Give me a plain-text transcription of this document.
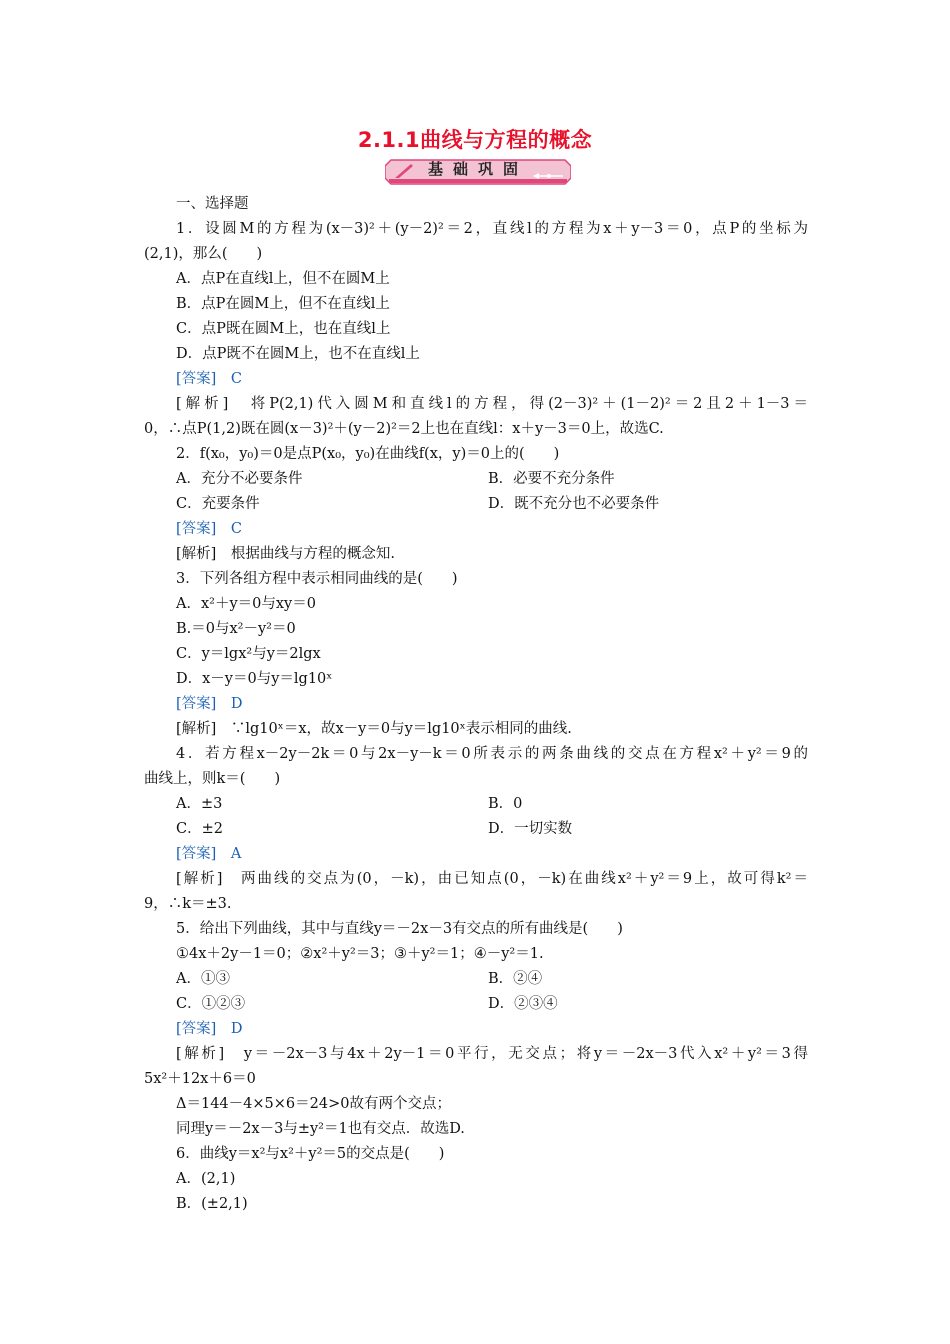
2.1.1曲线与方程的概念
基础巩固
一、选择题
1．设圆M的方程为(x－3)²＋(y－2)²＝2，直线l的方程为x＋y－3＝0，点P的坐标为
(2,1)，那么(　　)
A．点P在直线l上，但不在圆M上
B．点P在圆M上，但不在直线l上
C．点P既在圆M上，也在直线l上
D．点P既不在圆M上，也不在直线l上
[答案]　C
[解析]　将P(2,1)代入圆M和直线l的方程，得(2－3)²＋(1－2)²＝2且2＋1－3＝
0，∴点P(1,2)既在圆(x－3)²＋(y－2)²＝2上也在直线l：x＋y－3＝0上，故选C.
2．f(x₀，y₀)＝0是点P(x₀，y₀)在曲线f(x，y)＝0上的(　　)
A．充分不必要条件	B．必要不充分条件
C．充要条件	D．既不充分也不必要条件
[答案]　C
[解析]　根据曲线与方程的概念知.
3．下列各组方程中表示相同曲线的是(　　)
A．x²＋y＝0与xy＝0
B.＝0与x²－y²＝0
C．y＝lgx²与y＝2lgx
D．x－y＝0与y＝lg10ˣ
[答案]　D
[解析]　∵lg10ˣ＝x，故x－y＝0与y＝lg10ˣ表示相同的曲线.
4．若方程x－2y－2k＝0与2x－y－k＝0所表示的两条曲线的交点在方程x²＋y²＝9的
曲线上，则k＝(　　)
A．±3	B．0
C．±2	D．一切实数
[答案]　A
[解析]　两曲线的交点为(0，－k)，由已知点(0，－k)在曲线x²＋y²＝9上，故可得k²＝
9，∴k＝±3.
5．给出下列曲线，其中与直线y＝－2x－3有交点的所有曲线是(　　)
①4x＋2y－1＝0；②x²＋y²＝3；③＋y²＝1；④－y²＝1.
A．①③	B．②④
C．①②③	D．②③④
[答案]　D
[解析]　y＝－2x－3与4x＋2y－1＝0平行，无交点；将y＝－2x－3代入x²＋y²＝3得
5x²＋12x＋6＝0
Δ＝144－4×5×6＝24>0故有两个交点；
同理y＝－2x－3与±y²＝1也有交点．故选D.
6．曲线y＝x²与x²＋y²＝5的交点是(　　)
A．(2,1)
B．(±2,1)
